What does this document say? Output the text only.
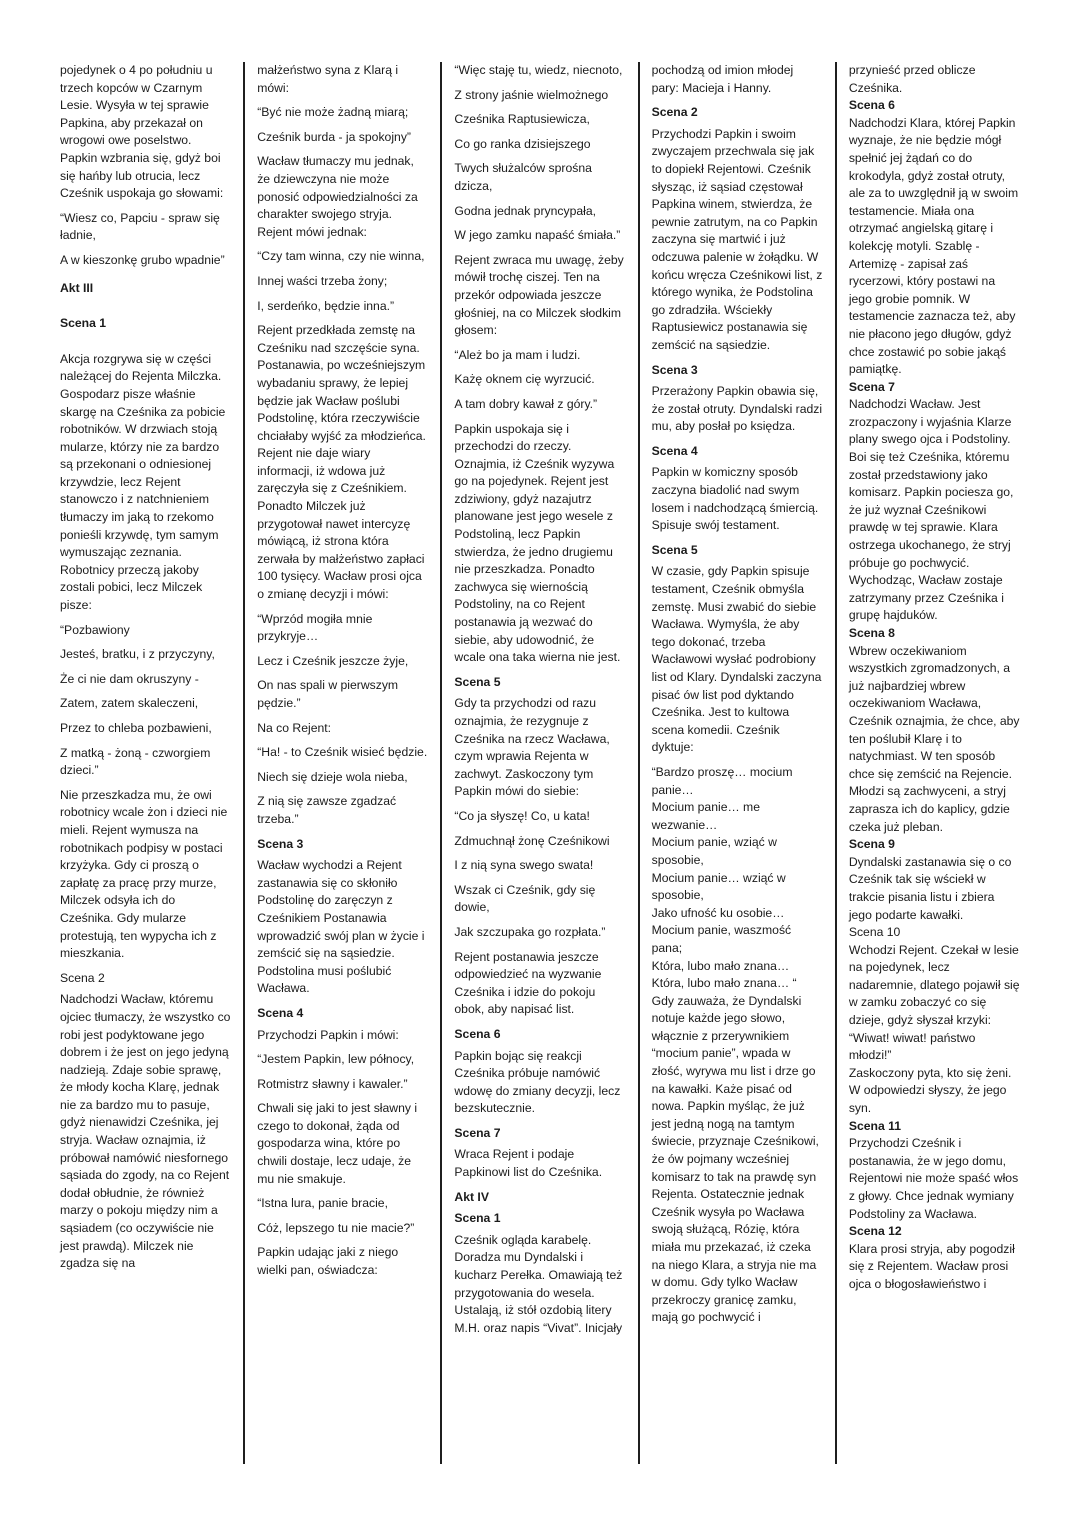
pojedynek o 4 po południu u trzech kopców w Czarnym Lesie. Wysyła w tej sprawie Papkina, aby przekazał on wrogowi owe poselstwo. Papkin wzbrania się, gdyż boi się hańby lub otrucia, lecz Cześnik uspokaja go słowami:

“Wiesz co, Papciu - spraw się ładnie,

A w kieszonkę grubo wpadnie”

Akt III
Scena 1

Akcja rozgrywa się w części należącej do Rejenta Milczka. Gospodarz pisze właśnie skargę na Cześnika za pobicie robotników. W drzwiach stoją mularze, którzy nie za bardzo są przekonani o odniesionej krzywdzie, lecz Rejent stanowczo i z natchnieniem tłumaczy im jaką to rzekomo ponieśli krzywdę, tym samym wymuszając zeznania. Robotnicy przeczą jakoby zostali pobici, lecz Milczek pisze:

“Pozbawiony

Jesteś, bratku, i z przyczyny,

Że ci nie dam okruszyny -

Zatem, zatem skaleczeni,

Przez to chleba pozbawieni,

Z matką - żoną - czworgiem dzieci.”

Nie przeszkadza mu, że owi robotnicy wcale żon i dzieci nie mieli. Rejent wymusza na robotnikach podpisy w postaci krzyżyka. Gdy ci proszą o zapłatę za pracę przy murze, Milczek odsyła ich do Cześnika. Gdy mularze protestują, ten wypycha ich z mieszkania.

Scena 2

Nadchodzi Wacław, któremu ojciec tłumaczy, że wszystko co robi jest podyktowane jego dobrem i że jest on jego jedyną nadzieją. Zdaje sobie sprawę, że młody kocha Klarę, jednak nie za bardzo mu to pasuje, gdyż nienawidzi Cześnika, jej stryja. Wacław oznajmia, iż próbował namówić niesfornego sąsiada do zgody, na co Rejent dodał obłudnie, że również marzy o pokoju między nim a sąsiadem (co oczywiście nie jest prawdą). Milczek nie zgadza się na

małżeństwo syna z Klarą i mówi:

“Być nie może żadną miarą;

Cześnik burda - ja spokojny”

Wacław tłumaczy mu jednak, że dziewczyna nie może ponosić odpowiedzialności za charakter swojego stryja. Rejent mówi jednak:

“Czy tam winna, czy nie winna,

Innej waści trzeba żony;

I, serdeńko, będzie inna.”

Rejent przedkłada zemstę na Cześniku nad szczęście syna. Postanawia, po wcześniejszym wybadaniu sprawy, że lepiej będzie jak Wacław poślubi Podstolinę, która rzeczywiście chciałaby wyjść za młodzieńca. Rejent nie daje wiary informacji, iż wdowa już zaręczyła się z Cześnikiem. Ponadto Milczek już przygotował nawet intercyzę mówiącą, iż strona która zerwała by małżeństwo zapłaci 100 tysięcy. Wacław prosi ojca o zmianę decyzji i mówi:

“Wprzód mogiła mnie przykryje…

Lecz i Cześnik jeszcze żyje,

On nas spali w pierwszym pędzie.”

Na co Rejent:

“Ha! - to Cześnik wisieć będzie.

Niech się dzieje wola nieba,

Z nią się zawsze zgadzać trzeba.”

Scena 3

Wacław wychodzi a Rejent zastanawia się co skłoniło Podstolinę do zaręczyn z Cześnikiem Postanawia wprowadzić swój plan w życie i zemścić się na sąsiedzie. Podstolina musi poślubić Wacława.

Scena 4

Przychodzi Papkin i mówi:

“Jestem Papkin, lew północy,

Rotmistrz sławny i kawaler.”

Chwali się jaki to jest sławny i czego to dokonał, żąda od gospodarza wina, które po chwili dostaje, lecz udaje, że mu nie smakuje.

“Istna lura, panie bracie,

Cóż, lepszego tu nie macie?”

Papkin udając jaki z niego wielki pan, oświadcza:

“Więc staję tu, wiedz, niecnoto,

Z strony jaśnie wielmożnego

Cześnika Raptusiewicza,

Co go ranka dzisiejszego

Twych służalców sprośna dzicza,

Godna jednak pryncypała,

W jego zamku napaść śmiała.”

Rejent zwraca mu uwagę, żeby mówił trochę ciszej. Ten na przekór odpowiada jeszcze głośniej, na co Milczek słodkim głosem:

“Ależ bo ja mam i ludzi.

Każę oknem cię wyrzucić.

A tam dobry kawał z góry.”

Papkin uspokaja się i przechodzi do rzeczy. Oznajmia, iż Cześnik wyzywa go na pojedynek. Rejent jest zdziwiony, gdyż nazajutrz planowane jest jego wesele z Podstoliną, lecz Papkin stwierdza, że jedno drugiemu nie przeszkadza. Ponadto zachwyca się wiernością Podstoliny, na co Rejent postanawia ją wezwać do siebie, aby udowodnić, że wcale ona taka wierna nie jest.

Scena 5

Gdy ta przychodzi od razu oznajmia, że rezygnuje z Cześnika na rzecz Wacława, czym wprawia Rejenta w zachwyt. Zaskoczony tym Papkin mówi do siebie:

“Co ja słyszę! Co, u kata!

Zdmuchnął żonę Cześnikowi

I z nią syna swego swata!

Wszak ci Cześnik, gdy się dowie,

Jak szczupaka go rozpłata.”

Rejent postanawia jeszcze odpowiedzieć na wyzwanie Cześnika i idzie do pokoju obok, aby napisać list.

Scena 6

Papkin bojąc się reakcji Cześnika próbuje namówić wdowę do zmiany decyzji, lecz bezskutecznie.

Scena 7

Wraca Rejent i podaje Papkinowi list do Cześnika.

Akt IV
Scena 1

Cześnik ogląda karabelę. Doradza mu Dyndalski i kucharz Perełka. Omawiają też przygotowania do wesela. Ustalają, iż stół ozdobią litery M.H. oraz napis “Vivat”. Inicjały

pochodzą od imion młodej pary: Macieja i Hanny.

Scena 2

Przychodzi Papkin i swoim zwyczajem przechwala się jak to dopiekł Rejentowi. Cześnik słysząc, iż sąsiad częstował Papkina winem, stwierdza, że pewnie zatrutym, na co Papkin zaczyna się martwić i już odczuwa palenie w żołądku. W końcu wręcza Cześnikowi list, z którego wynika, że Podstolina go zdradziła. Wściekły Raptusiewicz postanawia się zemścić na sąsiedzie.

Scena 3

Przerażony Papkin obawia się, że został otruty. Dyndalski radzi mu, aby posłał po księdza.

Scena 4

Papkin w komiczny sposób zaczyna biadolić nad swym losem i nadchodzącą śmiercią. Spisuje swój testament.

Scena 5

W czasie, gdy Papkin spisuje testament, Cześnik obmyśla zemstę. Musi zwabić do siebie Wacława. Wymyśla, że aby tego dokonać, trzeba Wacławowi wysłać podrobiony list od Klary. Dyndalski zaczyna pisać ów list pod dyktando Cześnika. Jest to kultowa scena komedii. Cześnik dyktuje:

“Bardzo proszę… mocium panie…

Mocium panie… me wezwanie…

Mocium panie, wziąć w sposobie,

Mocium panie… wziąć w sposobie,

Jako ufność ku osobie…

Mocium panie, waszmość pana;

Która, lubo mało znana…

Która, lubo mało znana… “

Gdy zauważa, że Dyndalski notuje każde jego słowo, włącznie z przerywnikiem “mocium panie”, wpada w złość, wyrywa mu list i drze go na kawałki. Każe pisać od nowa. Papkin myśląc, że już jest jedną nogą na tamtym świecie, przyznaje Cześnikowi, że ów pojmany wcześniej komisarz to tak na prawdę syn Rejenta. Ostatecznie jednak Cześnik wysyła po Wacława swoją służącą, Rózię, która miała mu przekazać, iż czeka na niego Klara, a stryja nie ma w domu. Gdy tylko Wacław przekroczy granicę zamku, mają go pochwycić i

przynieść przed oblicze Cześnika.

Scena 6

Nadchodzi Klara, której Papkin wyznaje, że nie będzie mógł spełnić jej żądań co do krokodyla, gdyż został otruty, ale za to uwzględnił ją w swoim testamencie. Miała ona otrzymać angielską gitarę i kolekcję motyli. Szablę - Artemizę - zapisał zaś rycerzowi, który postawi na jego grobie pomnik. W testamencie zaznacza też, aby nie płacono jego długów, gdyż chce zostawić po sobie jakąś pamiątkę.

Scena 7

Nadchodzi Wacław. Jest zrozpaczony i wyjaśnia Klarze plany swego ojca i Podstoliny. Boi się też Cześnika, któremu został przedstawiony jako komisarz. Papkin pociesza go, że już wyznał Cześnikowi prawdę w tej sprawie. Klara ostrzega ukochanego, że stryj próbuje go pochwycić. Wychodząc, Wacław zostaje zatrzymany przez Cześnika i grupę hajduków.

Scena 8

Wbrew oczekiwaniom wszystkich zgromadzonych, a już najbardziej wbrew oczekiwaniom Wacława, Cześnik oznajmia, że chce, aby ten poślubił Klarę i to natychmiast. W ten sposób chce się zemścić na Rejencie. Młodzi są zachwyceni, a stryj zaprasza ich do kaplicy, gdzie czeka już pleban.

Scena 9

Dyndalski zastanawia się o co Cześnik tak się wściekł w trakcie pisania listu i zbiera jego podarte kawałki.

Scena 10

Wchodzi Rejent. Czekał w lesie na pojedynek, lecz nadaremnie, dlatego pojawił się w zamku zobaczyć co się dzieje, gdyż słyszał krzyki:

“Wiwat! wiwat! państwo młodzi!”

Zaskoczony pyta, kto się żeni. W odpowiedzi słyszy, że jego syn.

Scena 11

Przychodzi Cześnik i postanawia, że w jego domu, Rejentowi nie może spaść włos z głowy. Chce jednak wymiany Podstoliny za Wacława.

Scena 12

Klara prosi stryja, aby pogodził się z Rejentem. Wacław prosi ojca o błogosławieństwo i
